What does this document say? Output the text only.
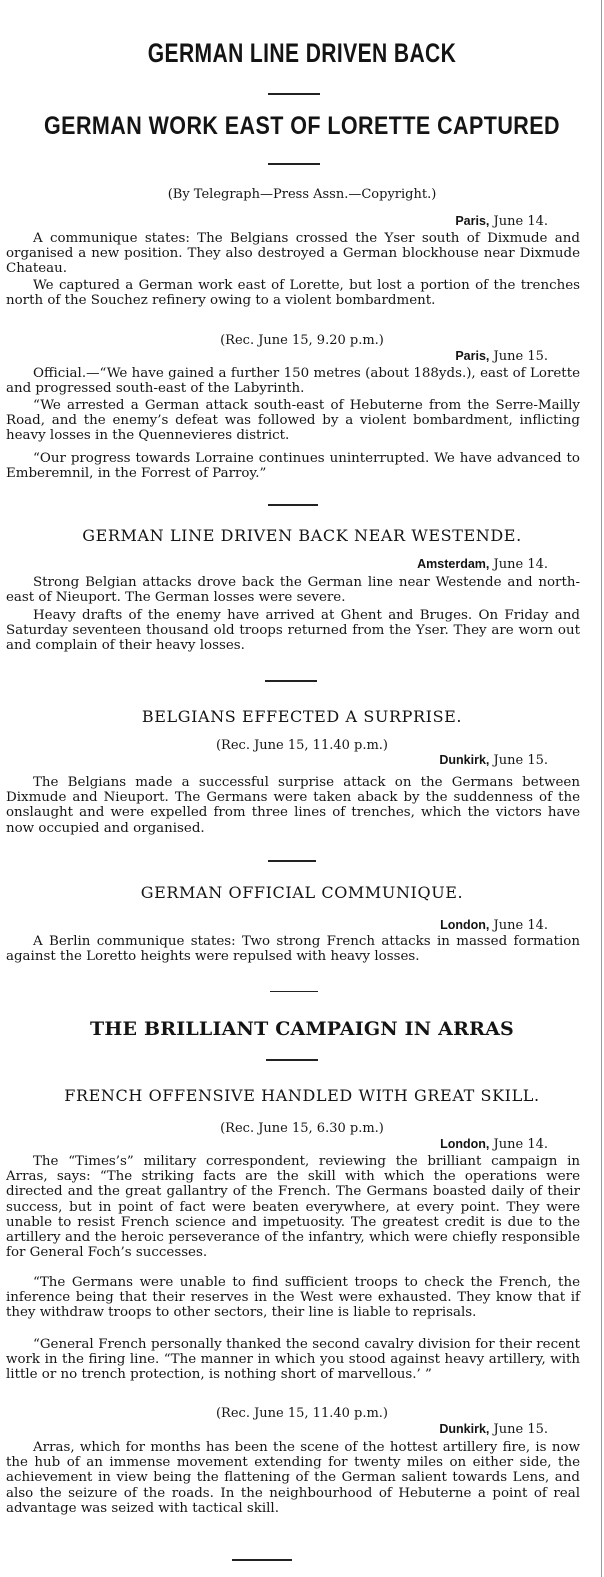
GERMAN LINE DRIVEN BACK
GERMAN WORK EAST OF LORETTE CAPTURED
(By Telegraph—Press Assn.—Copyright.)
Paris, June 14.

A communique states: The Belgians crossed the Yser south of Dixmude and organised a new position. They also destroyed a German blockhouse near Dixmude Chateau.

We captured a German work east of Lorette, but lost a portion of the trenches north of the Souchez refinery owing to a violent bombardment.

(Rec. June 15, 9.20 p.m.)
Paris, June 15.

Official.—“We have gained a further 150 metres (about 188yds.), east of Lorette and progressed south-east of the Labyrinth.

“We arrested a German attack south-east of Hebuterne from the Serre-Mailly Road, and the enemy’s defeat was followed by a violent bombardment, inflicting heavy losses in the Quennevieres district.

“Our progress towards Lorraine continues uninterrupted. We have advanced to Emberemnil, in the Forrest of Parroy.”

GERMAN LINE DRIVEN BACK NEAR WESTENDE.
Amsterdam, June 14.

Strong Belgian attacks drove back the German line near Westende and north-east of Nieuport. The German losses were severe.

Heavy drafts of the enemy have arrived at Ghent and Bruges. On Friday and Saturday seventeen thousand old troops returned from the Yser. They are worn out and complain of their heavy losses.

BELGIANS EFFECTED A SURPRISE.
(Rec. June 15, 11.40 p.m.)
Dunkirk, June 15.

The Belgians made a successful surprise attack on the Germans between Dixmude and Nieuport. The Germans were taken aback by the suddenness of the onslaught and were expelled from three lines of trenches, which the victors have now occupied and organised.

GERMAN OFFICIAL COMMUNIQUE.
London, June 14.

A Berlin communique states: Two strong French attacks in massed formation against the Loretto heights were repulsed with heavy losses.

THE BRILLIANT CAMPAIGN IN ARRAS
FRENCH OFFENSIVE HANDLED WITH GREAT SKILL.
(Rec. June 15, 6.30 p.m.)
London, June 14.

The “Times’s” military correspondent, reviewing the brilliant campaign in Arras, says: “The striking facts are the skill with which the operations were directed and the great gallantry of the French. The Germans boasted daily of their success, but in point of fact were beaten everywhere, at every point. They were unable to resist French science and impetuosity. The greatest credit is due to the artillery and the heroic perseverance of the infantry, which were chiefly responsible for General Foch’s successes.

“The Germans were unable to find sufficient troops to check the French, the inference being that their reserves in the West were exhausted. They know that if they withdraw troops to other sectors, their line is liable to reprisals.

“General French personally thanked the second cavalry division for their recent work in the firing line. “The manner in which you stood against heavy artillery, with little or no trench protection, is nothing short of marvellous.’ ”

(Rec. June 15, 11.40 p.m.)
Dunkirk, June 15.

Arras, which for months has been the scene of the hottest artillery fire, is now the hub of an immense movement extending for twenty miles on either side, the achievement in view being the flattening of the German salient towards Lens, and also the seizure of the roads. In the neighbourhood of Hebuterne a point of real advantage was seized with tactical skill.
